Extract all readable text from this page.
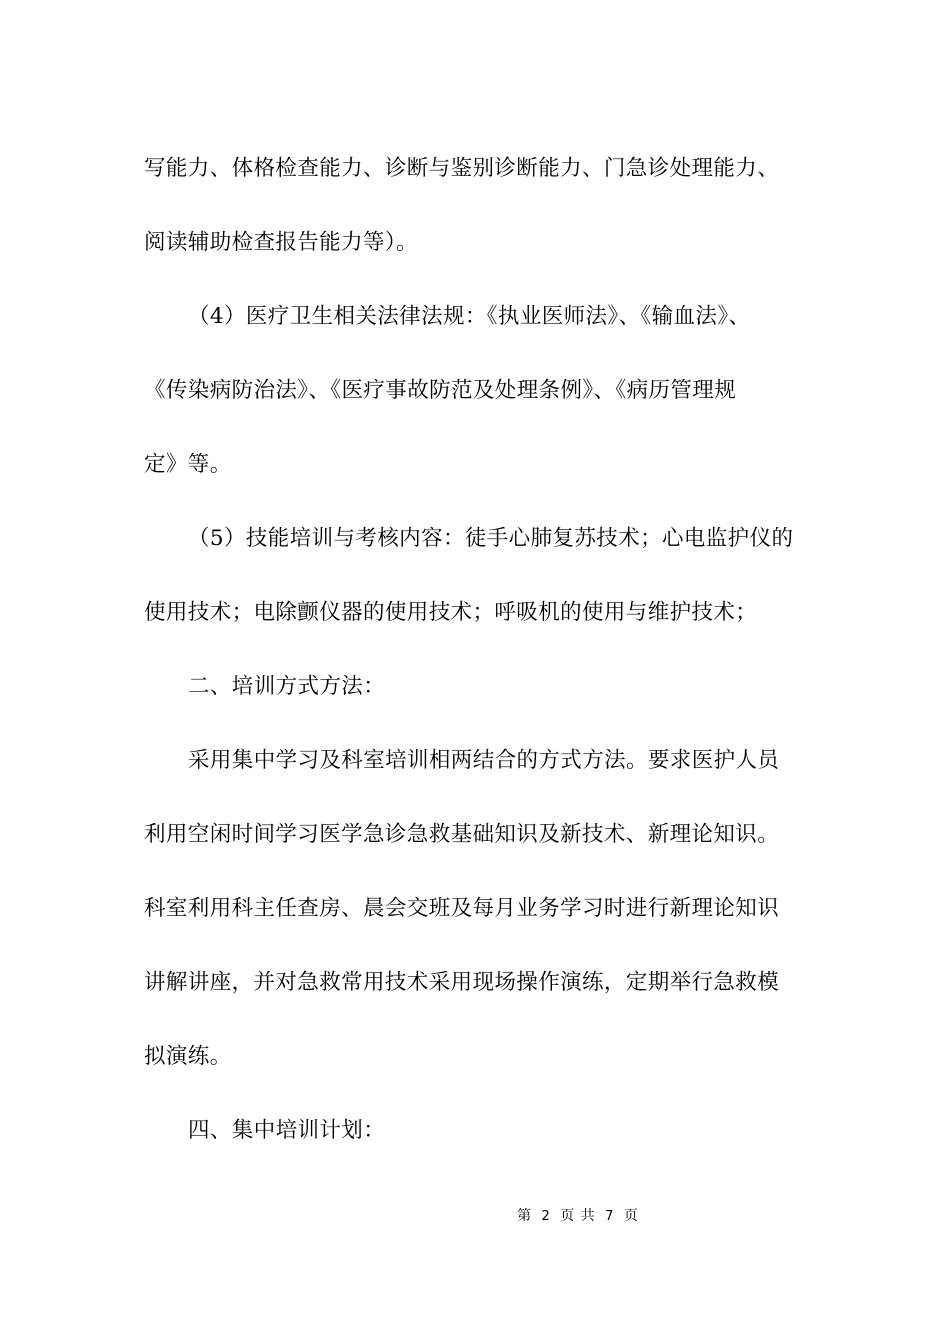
写能力、体格检查能力、诊断与鉴别诊断能力、门急诊处理能力、
阅读辅助检查报告能力等）。
（4）医疗卫生相关法律法规：《执业医师法》、《输血法》、
《传染病防治法》、《医疗事故防范及处理条例》、《病历管理规
定》等。
（5）技能培训与考核内容：徒手心肺复苏技术；心电监护仪的
使用技术；电除颤仪器的使用技术；呼吸机的使用与维护技术；
二、培训方式方法：
采用集中学习及科室培训相两结合的方式方法。要求医护人员
利用空闲时间学习医学急诊急救基础知识及新技术、新理论知识。
科室利用科主任查房、晨会交班及每月业务学习时进行新理论知识
讲解讲座，并对急救常用技术采用现场操作演练，定期举行急救模
拟演练。
四、集中培训计划：
第 2 页 共 7 页
